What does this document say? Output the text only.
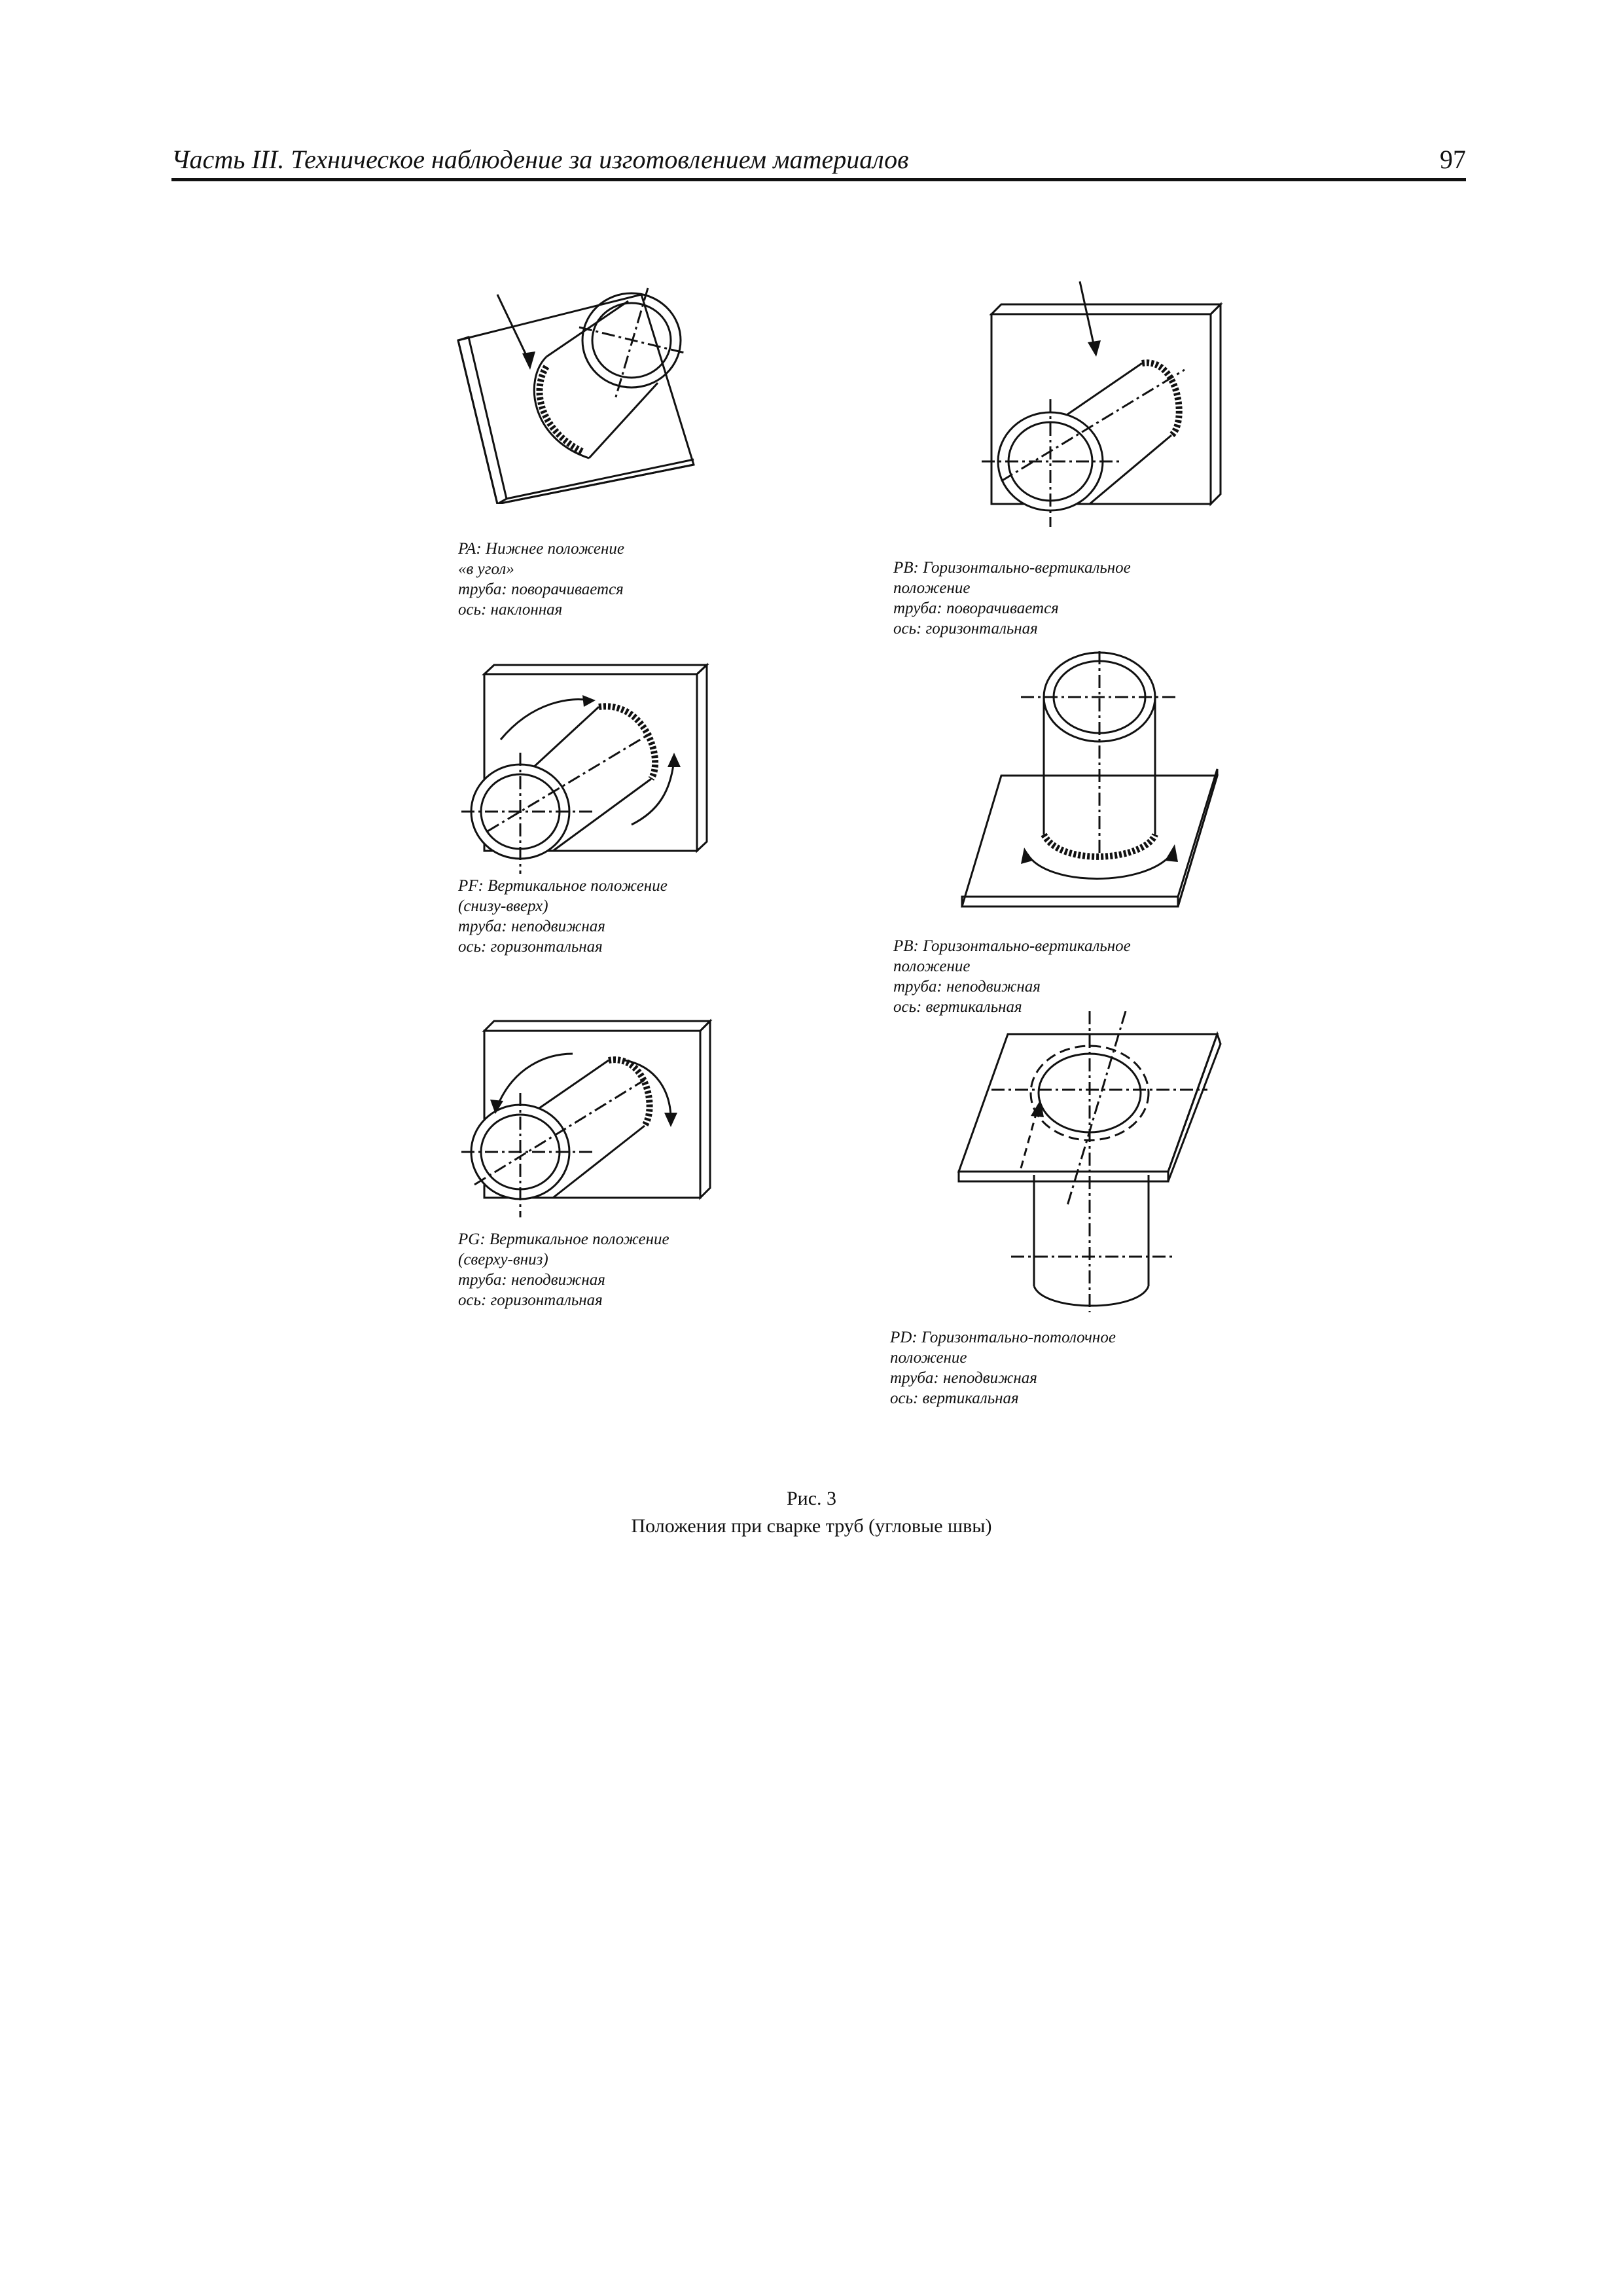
Часть III. Техническое наблюдение за изготовлением материалов	97
PA: Нижнее положение
«в угол»
труба: поворачивается
ось: наклонная
PB: Горизонтально-вертикальное
положение
труба: поворачивается
ось: горизонтальная
PF: Вертикальное положение
(снизу-вверх)
труба: неподвижная
ось: горизонтальная	PB: Горизонтально-вертикальное
положение
труба: неподвижная
ось: вертикальная
PG: Вертикальное положение
(сверху-вниз)
труба: неподвижная
ось: горизонтальная
PD: Горизонтально-потолочное
положение
труба: неподвижная
ось: вертикальная
Рис. 3
Положения при сварке труб (угловые швы)
